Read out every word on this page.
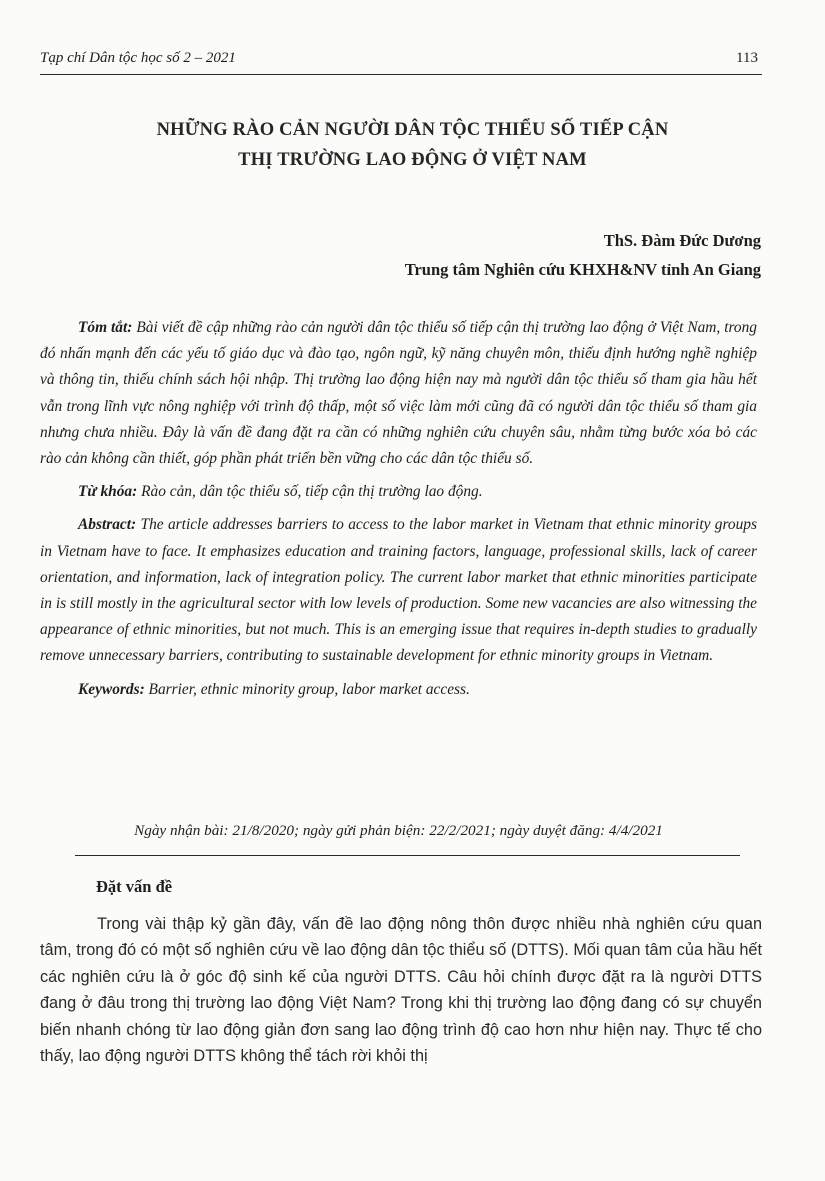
Tạp chí Dân tộc học số 2 – 2021	113
NHỮNG RÀO CẢN NGƯỜI DÂN TỘC THIỂU SỐ TIẾP CẬN
THỊ TRƯỜNG LAO ĐỘNG Ở VIỆT NAM
ThS. Đàm Đức Dương
Trung tâm Nghiên cứu KHXH&NV tỉnh An Giang

Tóm tắt: Bài viết đề cập những rào cản người dân tộc thiểu số tiếp cận thị trường lao động ở Việt Nam, trong đó nhấn mạnh đến các yếu tố giáo dục và đào tạo, ngôn ngữ, kỹ năng chuyên môn, thiếu định hướng nghề nghiệp và thông tin, thiếu chính sách hội nhập. Thị trường lao động hiện nay mà người dân tộc thiểu số tham gia hầu hết vẫn trong lĩnh vực nông nghiệp với trình độ thấp, một số việc làm mới cũng đã có người dân tộc thiểu số tham gia nhưng chưa nhiều. Đây là vấn đề đang đặt ra cần có những nghiên cứu chuyên sâu, nhằm từng bước xóa bỏ các rào cản không cần thiết, góp phần phát triển bền vững cho các dân tộc thiểu số.

Từ khóa: Rào cản, dân tộc thiểu số, tiếp cận thị trường lao động.

Abstract: The article addresses barriers to access to the labor market in Vietnam that ethnic minority groups in Vietnam have to face. It emphasizes education and training factors, language, professional skills, lack of career orientation, and information, lack of integration policy. The current labor market that ethnic minorities participate in is still mostly in the agricultural sector with low levels of production. Some new vacancies are also witnessing the appearance of ethnic minorities, but not much. This is an emerging issue that requires in-depth studies to gradually remove unnecessary barriers, contributing to sustainable development for ethnic minority groups in Vietnam.

Keywords: Barrier, ethnic minority group, labor market access.

Ngày nhận bài: 21/8/2020; ngày gửi phản biện: 22/2/2021; ngày duyệt đăng: 4/4/2021
Đặt vấn đề

Trong vài thập kỷ gần đây, vấn đề lao động nông thôn được nhiều nhà nghiên cứu quan tâm, trong đó có một số nghiên cứu về lao động dân tộc thiểu số (DTTS). Mối quan tâm của hầu hết các nghiên cứu là ở góc độ sinh kế của người DTTS. Câu hỏi chính được đặt ra là người DTTS đang ở đâu trong thị trường lao động Việt Nam? Trong khi thị trường lao động đang có sự chuyển biến nhanh chóng từ lao động giản đơn sang lao động trình độ cao hơn như hiện nay. Thực tế cho thấy, lao động người DTTS không thể tách rời khỏi thị
